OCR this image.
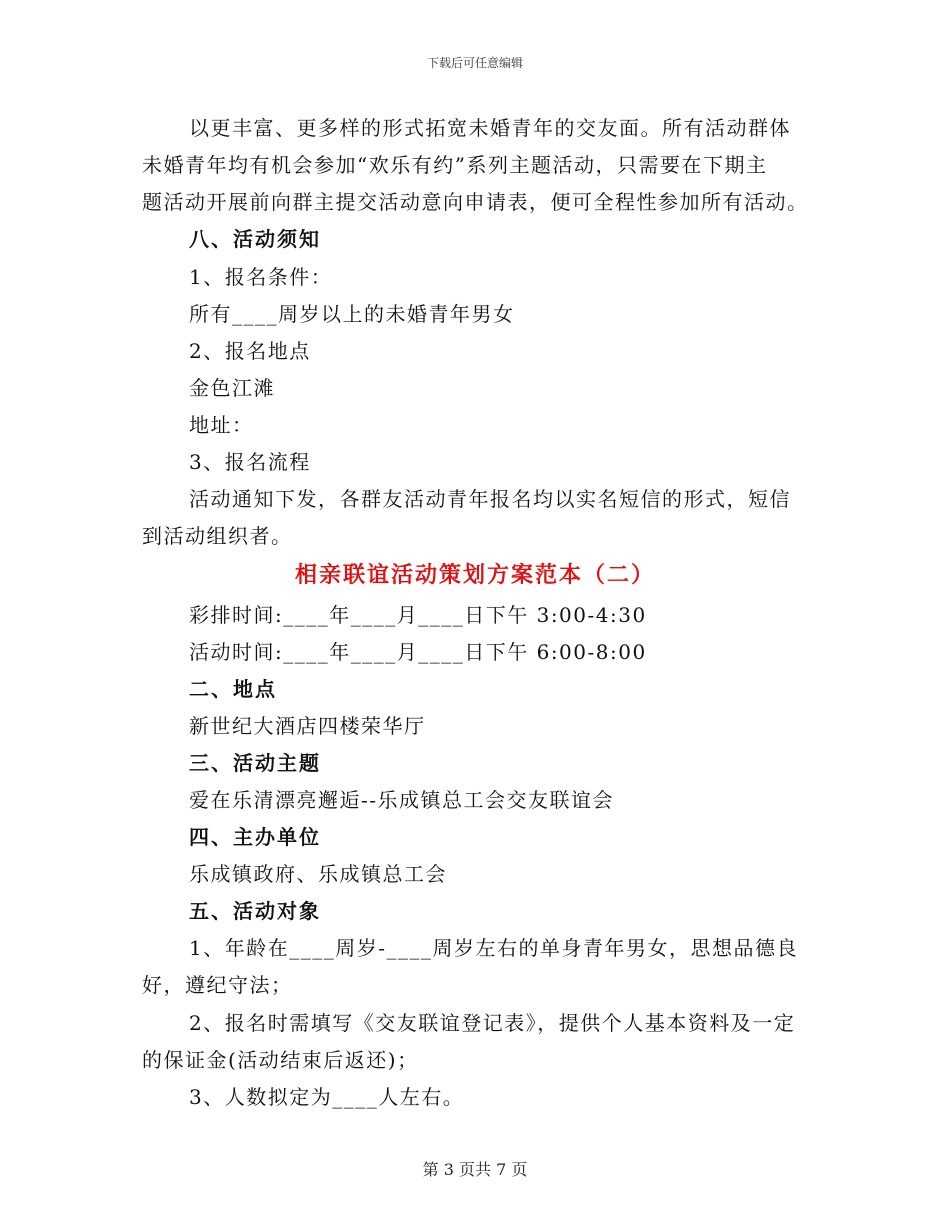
下载后可任意编辑
以更丰富、更多样的形式拓宽未婚青年的交友面。所有活动群体
未婚青年均有机会参加“欢乐有约”系列主题活动，只需要在下期主
题活动开展前向群主提交活动意向申请表，便可全程性参加所有活动。
八、活动须知
1、报名条件：
所有____周岁以上的未婚青年男女
2、报名地点
金色江滩
地址：
3、报名流程
活动通知下发，各群友活动青年报名均以实名短信的形式，短信
到活动组织者。
相亲联谊活动策划方案范本（二）
彩排时间:____年____月____日下午 3:00-4:30
活动时间:____年____月____日下午 6:00-8:00
二、地点
新世纪大酒店四楼荣华厅
三、活动主题
爱在乐清漂亮邂逅--乐成镇总工会交友联谊会
四、主办单位
乐成镇政府、乐成镇总工会
五、活动对象
1、年龄在____周岁-____周岁左右的单身青年男女，思想品德良
好，遵纪守法；
2、报名时需填写《交友联谊登记表》，提供个人基本资料及一定
的保证金(活动结束后返还)；
3、人数拟定为____人左右。
第 3 页共 7 页
